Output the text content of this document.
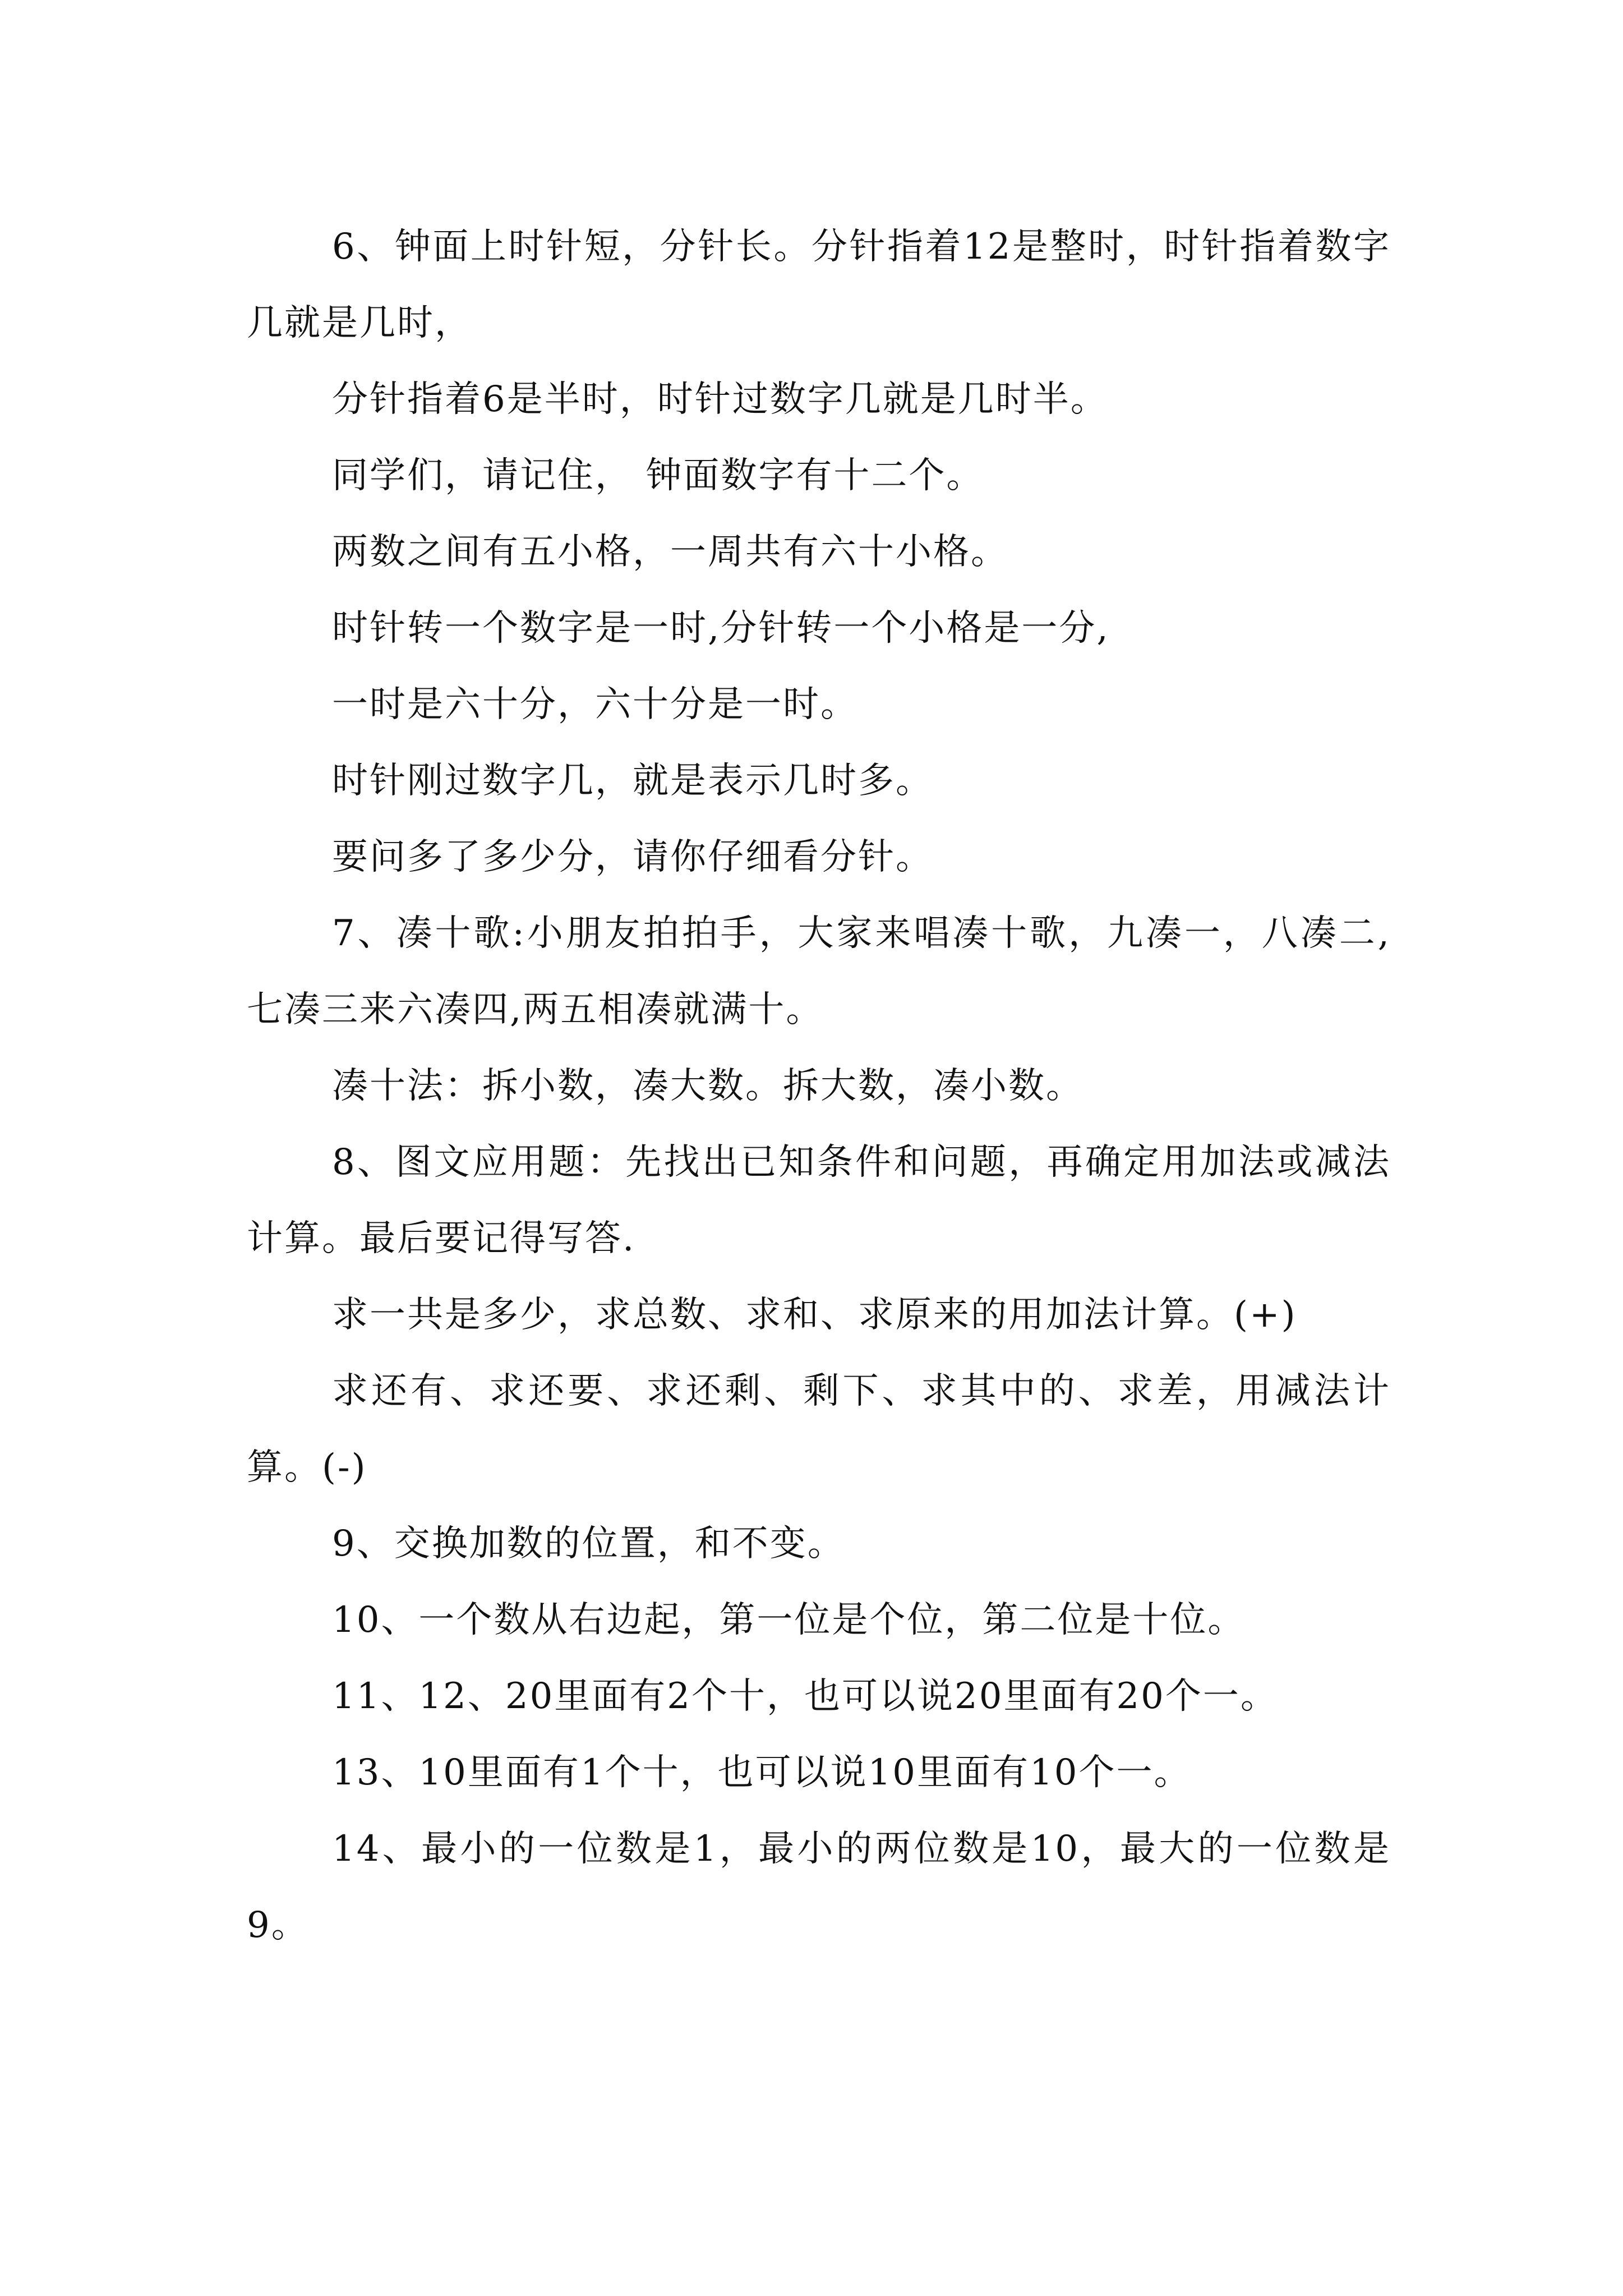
6、钟面上时针短，分针长。分针指着12是整时，时针指着数字几就是几时，

分针指着6是半时，时针过数字几就是几时半。

同学们，请记住， 钟面数字有十二个。

两数之间有五小格，一周共有六十小格。

时针转一个数字是一时,分针转一个小格是一分,

一时是六十分，六十分是一时。

时针刚过数字几，就是表示几时多。

要问多了多少分，请你仔细看分针。

7、凑十歌:小朋友拍拍手，大家来唱凑十歌，九凑一，八凑二,七凑三来六凑四,两五相凑就满十。

凑十法：拆小数，凑大数。拆大数，凑小数。

8、图文应用题：先找出已知条件和问题，再确定用加法或减法计算。最后要记得写答.

求一共是多少，求总数、求和、求原来的用加法计算。(+)

求还有、求还要、求还剩、剩下、求其中的、求差，用减法计算。(-)

9、交换加数的位置，和不变。

10、一个数从右边起，第一位是个位，第二位是十位。

11、12、20里面有2个十，也可以说20里面有20个一。

13、10里面有1个十，也可以说10里面有10个一。

14、最小的一位数是1，最小的两位数是10，最大的一位数是9。
